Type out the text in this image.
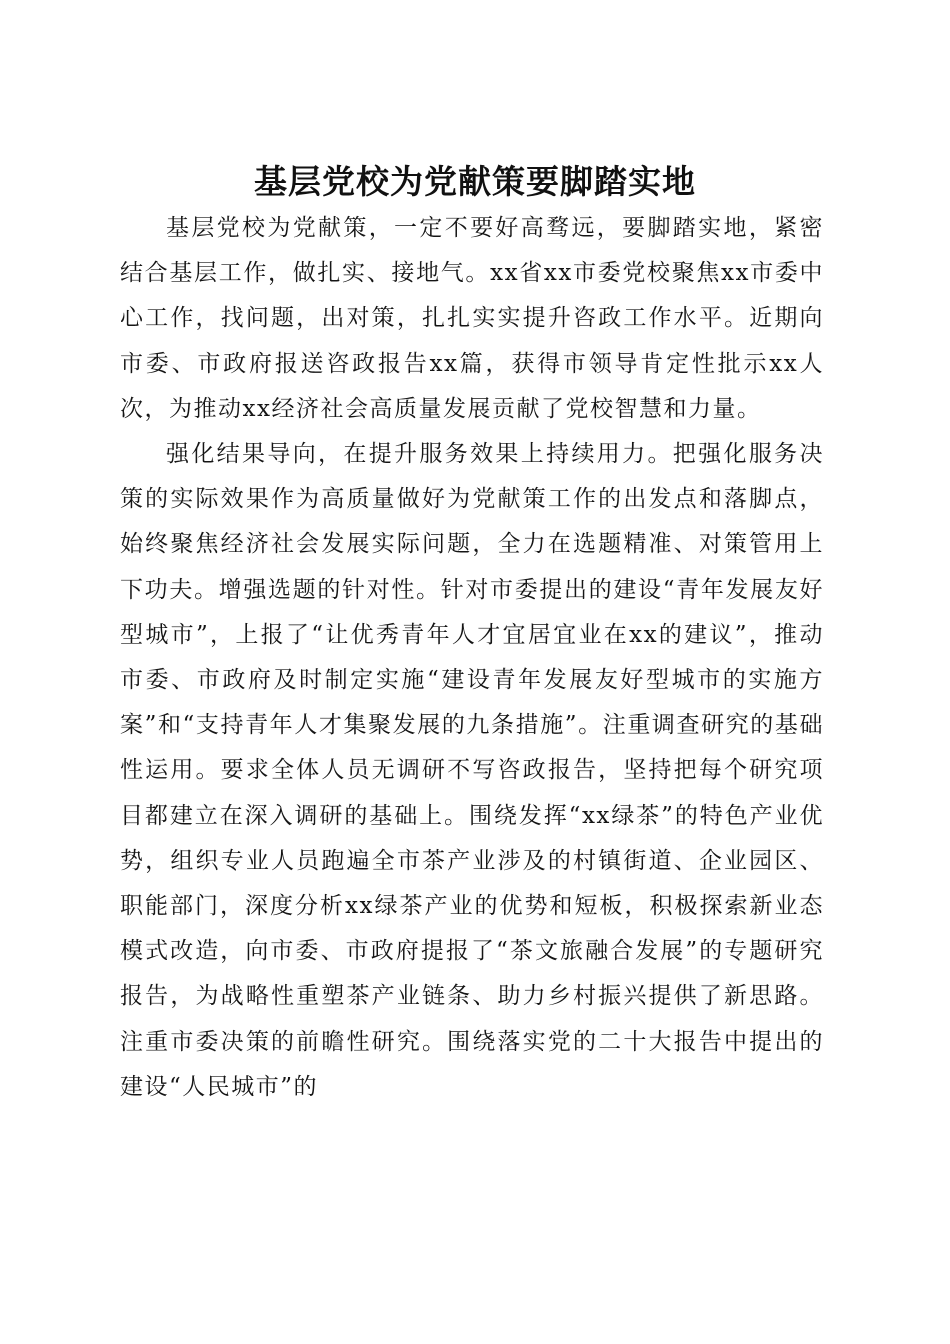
基层党校为党献策要脚踏实地

基层党校为党献策，一定不要好高骛远，要脚踏实地，紧密结合基层工作，做扎实、接地气。xx省xx市委党校聚焦xx市委中心工作，找问题，出对策，扎扎实实提升咨政工作水平。近期向市委、市政府报送咨政报告xx篇，获得市领导肯定性批示xx人次，为推动xx经济社会高质量发展贡献了党校智慧和力量。

强化结果导向，在提升服务效果上持续用力。把强化服务决策的实际效果作为高质量做好为党献策工作的出发点和落脚点，始终聚焦经济社会发展实际问题，全力在选题精准、对策管用上下功夫。增强选题的针对性。针对市委提出的建设“青年发展友好型城市”，上报了“让优秀青年人才宜居宜业在xx的建议”，推动市委、市政府及时制定实施“建设青年发展友好型城市的实施方案”和“支持青年人才集聚发展的九条措施”。注重调查研究的基础性运用。要求全体人员无调研不写咨政报告，坚持把每个研究项目都建立在深入调研的基础上。围绕发挥“xx绿茶”的特色产业优势，组织专业人员跑遍全市茶产业涉及的村镇街道、企业园区、职能部门，深度分析xx绿茶产业的优势和短板，积极探索新业态模式改造，向市委、市政府提报了“茶文旅融合发展”的专题研究报告，为战略性重塑茶产业链条、助力乡村振兴提供了新思路。注重市委决策的前瞻性研究。围绕落实党的二十大报告中提出的建设“人民城市”的
